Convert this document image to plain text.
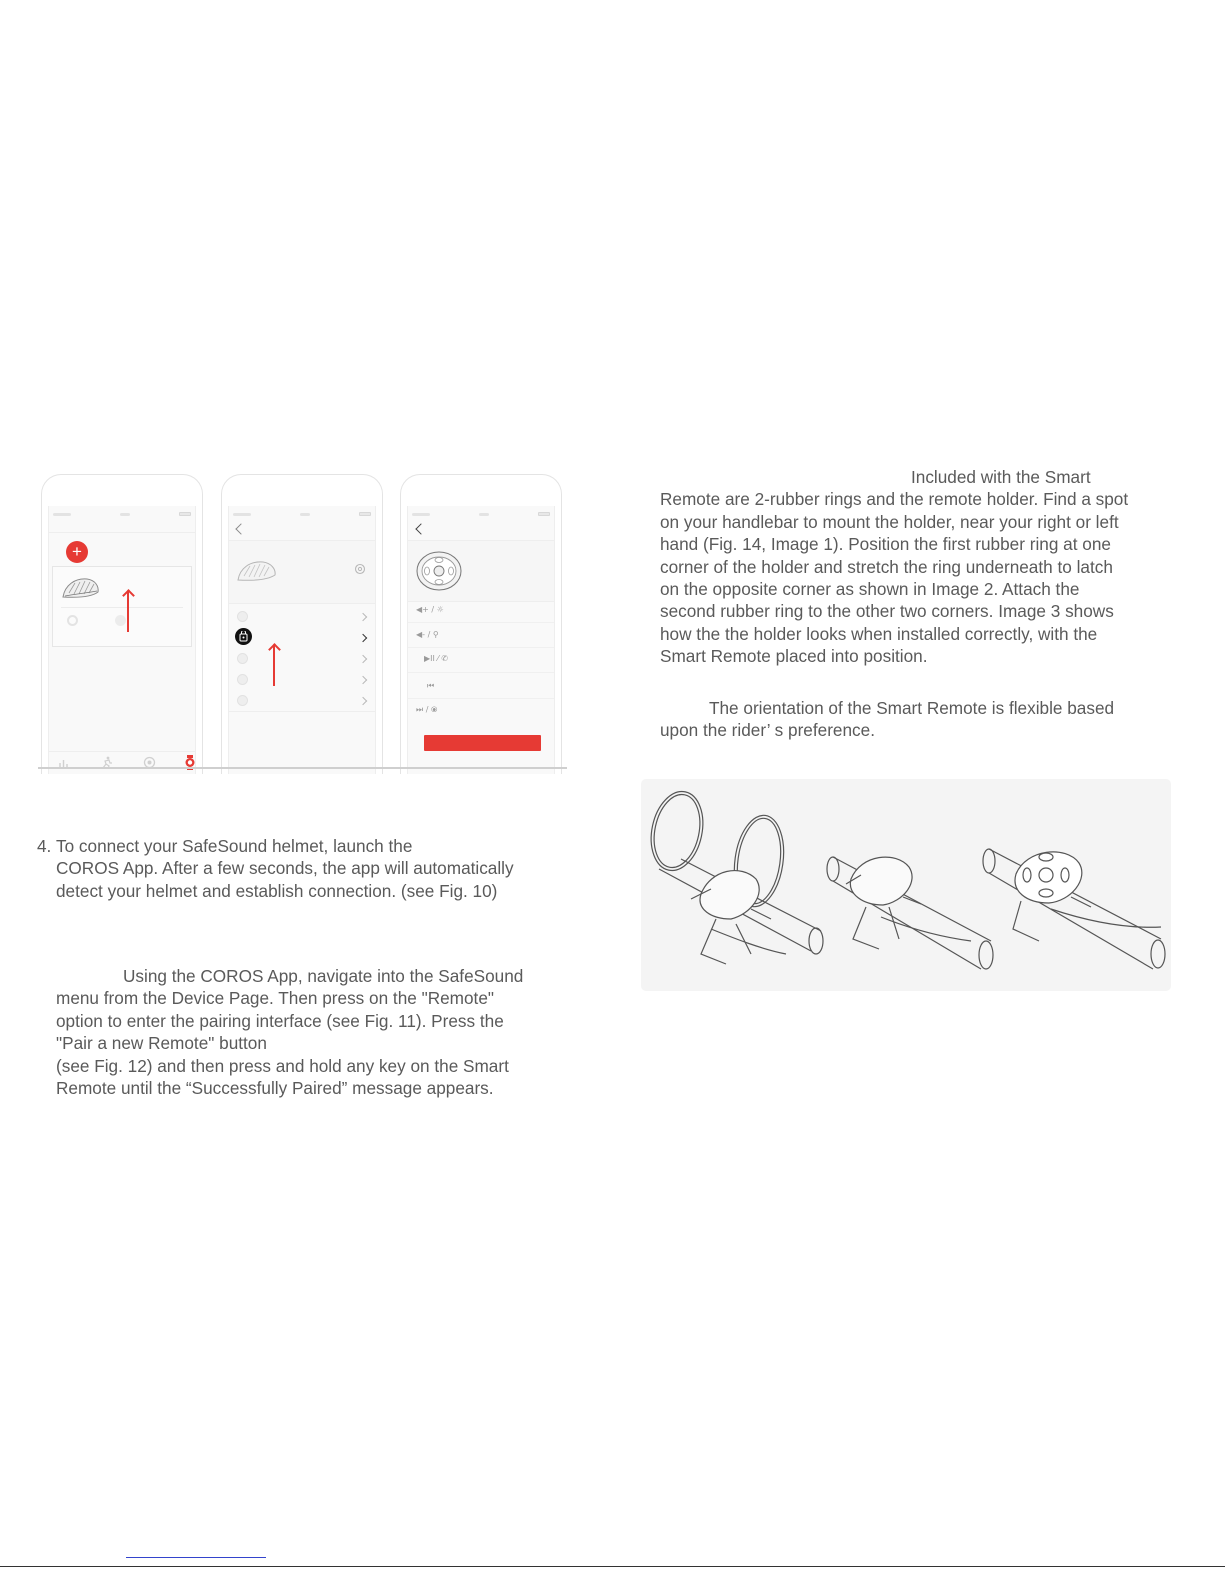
+
◀+ / ☼
◀- / ⚲
▶II ⁄ ✆
⏮
⏭ / ⦿
4. To connect your SafeSound helmet, launch the

COROS App. After a few seconds, the app will automatically

detect your helmet and establish connection. (see Fig. 10)

Using the COROS App, navigate into the SafeSound

menu from the Device Page. Then press on the "Remote"

option to enter the pairing interface (see Fig. 11). Press the

"Pair a new Remote" button

(see Fig. 12) and then press and hold any key on the Smart

Remote until the “Successfully Paired” message appears.

Included with the Smart

Remote are 2-rubber rings and the remote holder. Find a spot

on your handlebar to mount the holder, near your right or left

hand (Fig. 14, Image 1). Position the first rubber ring at one

corner of the holder and stretch the ring underneath to latch

on the opposite corner as shown in Image 2. Attach the

second rubber ring to the other two corners. Image 3 shows

how the the holder looks when installed correctly, with the

Smart Remote placed into position.

The orientation of the Smart Remote is flexible based

upon the rider’ s preference.
